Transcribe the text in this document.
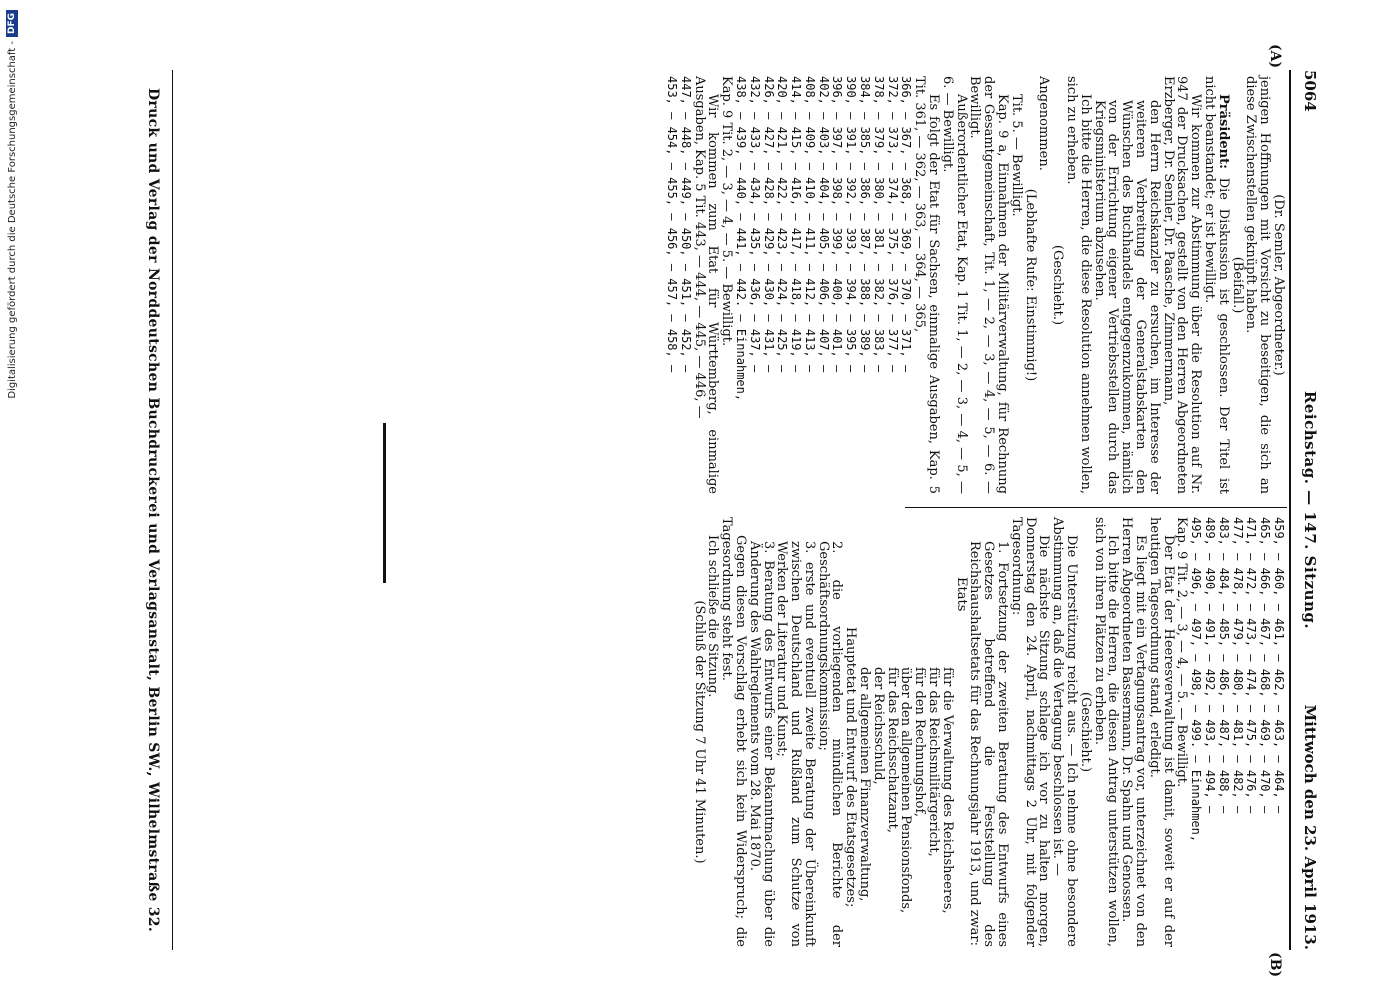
5064
Reichstag. — 147. Sitzung.
Mittwoch den 23. April 1913.
(A)
(B)

(Dr. Semler, Abgeordneter.)

jenigen Hoffnungen mit Vorsicht zu beseitigen, die sich an diese Zwischenstellen geknüpft haben.

(Beifall.)

Präsident: Die Diskussion ist geschlossen. Der Titel ist nicht beanstandet; er ist bewilligt.

Wir kommen zur Abstimmung über die Resolution auf Nr. 947 der Drucksachen, gestellt von den Herren Abgeordneten Erzberger, Dr. Semler, Dr. Paasche, Zimmermann,

den Herrn Reichskanzler zu ersuchen, im Interesse der weiteren Verbreitung der Generalstabskarten den Wünschen des Buchhandels entgegenzukommen, nämlich von der Errichtung eigener Vertriebsstellen durch das Kriegsministerium abzusehen.

Ich bitte die Herren, die diese Resolution annehmen wollen, sich zu erheben.

(Geschieht.)

Angenommen.

(Lebhafte Rufe: Einstimmig!)

Tit. 5. — Bewilligt.

Kap. 9 a, Einnahmen der Militärverwaltung, für Rechnung der Gesamtgemeinschaft, Tit. 1, — 2, — 3, — 4, — 5, — 6. — Bewilligt.

Außerordentlicher Etat, Kap. 1 Tit. 1, — 2, — 3, — 4, — 5, — 6. — Bewilligt.

Es folgt der Etat für Sachsen, einmalige Ausgaben, Kap. 5 Tit. 361, — 362, — 363, — 364, — 365,

366, — 367, — 368, — 369, — 370, — 371, —

372, — 373, — 374, — 375, — 376, — 377, —

378, — 379, — 380, — 381, — 382, — 383, —

384, — 385, — 386, — 387, — 388, — 389, —

390, — 391, — 392, — 393, — 394, — 395, —

396, — 397, — 398, — 399, — 400, — 401, —

402, — 403, — 404, — 405, — 406, — 407, —

408, — 409, — 410, — 411, — 412, — 413, —

414, — 415, — 416, — 417, — 418, — 419, —

420, — 421, — 422, — 423, — 424, — 425, —

426, — 427, — 428, — 429, — 430, — 431, —

432, — 433, — 434, — 435, — 436, — 437, —

438, — 439, — 440, — 441, — 442. — Einnahmen,

Kap. 9 Tit. 2, — 3, — 4, — 5. — Bewilligt.

Wir kommen zum Etat für Württemberg, einmalige Ausgaben, Kap. 5 Tit. 443, — 444, — 445, — 446, —

447, — 448, — 449, — 450, — 451, — 452, —

453, — 454, — 455, — 456, — 457, — 458, —

459, — 460, — 461, — 462, — 463, — 464, —

465, — 466, — 467, — 468, — 469, — 470, —

471, — 472, — 473, — 474, — 475, — 476, —

477, — 478, — 479, — 480, — 481, — 482, —

483, — 484, — 485, — 486, — 487, — 488, —

489, — 490, — 491, — 492, — 493, — 494, —

495, — 496, — 497, — 498, — 499. — Einnahmen,

Kap. 9 Tit. 2, — 3, — 4, — 5. — Bewilligt.

Der Etat der Heeresverwaltung ist damit, soweit er auf der heutigen Tagesordnung stand, erledigt.

Es liegt mit ein Vertagungsantrag vor, unterzeichnet von den Herren Abgeordneten Bassermann, Dr. Spahn und Genossen.

Ich bitte die Herren, die diesen Antrag unterstützen wollen, sich von ihren Plätzen zu erheben.

(Geschieht.)

Die Unterstützung reicht aus. — Ich nehme ohne besondere Abstimmung an, daß die Vertagung beschlossen ist. —

Die nächste Sitzung schlage ich vor zu halten morgen, Donnerstag den 24. April, nachmittags 2 Uhr, mit folgender Tagesordnung:

1. Fortsetzung der zweiten Beratung des Entwurfs eines Gesetzes betreffend die Feststellung des Reichshaushaltsetats für das Rechnungsjahr 1913, und zwar:

Etats

für die Verwaltung des Reichsheeres,

für das Reichsmilitärgericht,

für den Rechnungshof,

über den allgemeinen Pensionsfonds,

für das Reichsschatzamt,

der Reichsschuld,

der allgemeinen Finanzverwaltung,

Hauptetat und Entwurf des Etatsgesetzes;

2. die vorliegenden mündlichen Berichte der Geschäftsordnungskommission;

3. erste und eventuell zweite Beratung der Übereinkunft zwischen Deutschland und Rußland zum Schutze von Werken der Literatur und Kunst;

3. Beratung des Entwurfs einer Bekanntmachung über die Änderung des Wahlreglements vom 28. Mai 1870.

Gegen diesen Vorschlag erhebt sich kein Widerspruch; die Tagesordnung steht fest.

Ich schließe die Sitzung.

(Schluß der Sitzung 7 Uhr 41 Minuten.)

Druck und Verlag der Norddeutschen Buchdruckerei und Verlagsanstalt, Berlin SW., Wilhelmstraße 32.
Digitalisierung gefördert durch die Deutsche Forschungsgemeinschaft -
DFG
